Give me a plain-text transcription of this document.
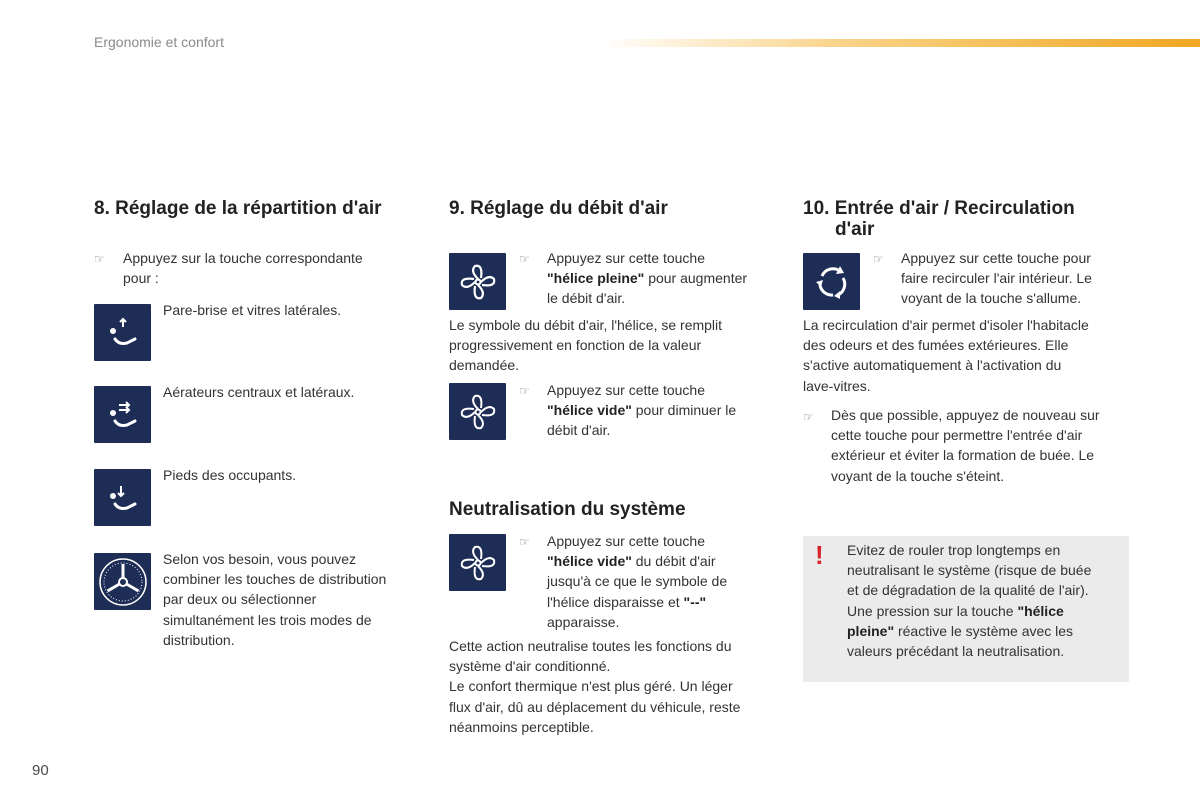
Ergonomie et confort
8. Réglage de la répartition d'air
☞ Appuyez sur la touche correspondante
pour :
Pare-brise et vitres latérales.
Aérateurs centraux et latéraux.
Pieds des occupants.
Selon vos besoin, vous pouvez
combiner les touches de distribution
par deux ou sélectionner
simultanément les trois modes de
distribution.
9. Réglage du débit d'air
☞ Appuyez sur cette touche
"hélice pleine" pour augmenter
le débit d'air.
Le symbole du débit d'air, l'hélice, se remplit
progressivement en fonction de la valeur
demandée.
☞ Appuyez sur cette touche
"hélice vide" pour diminuer le
débit d'air.
Neutralisation du système
☞ Appuyez sur cette touche
"hélice vide" du débit d'air
jusqu'à ce que le symbole de
l'hélice disparaisse et "--"
apparaisse.
Cette action neutralise toutes les fonctions du
système d'air conditionné.
Le confort thermique n'est plus géré. Un léger
flux d'air, dû au déplacement du véhicule, reste
néanmoins perceptible.
10. Entrée d'air / Recirculation
d'air
☞ Appuyez sur cette touche pour
faire recirculer l'air intérieur. Le
voyant de la touche s'allume.
La recirculation d'air permet d'isoler l'habitacle
des odeurs et des fumées extérieures. Elle
s'active automatiquement à l'activation du
lave-vitres.
☞ Dès que possible, appuyez de nouveau sur
cette touche pour permettre l'entrée d'air
extérieur et éviter la formation de buée. Le
voyant de la touche s'éteint.
! Evitez de rouler trop longtemps en
neutralisant le système (risque de buée
et de dégradation de la qualité de l'air).
Une pression sur la touche "hélice
pleine" réactive le système avec les
valeurs précédant la neutralisation.
90
